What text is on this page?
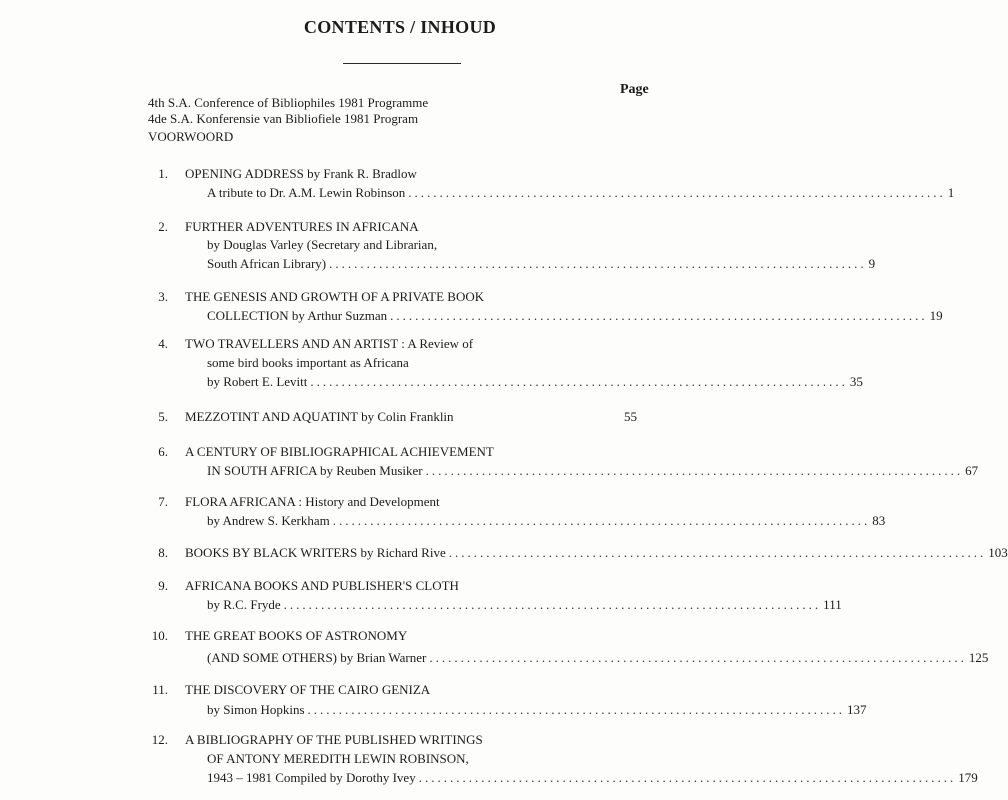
CONTENTS / INHOUD
Page
4th S.A. Conference of Bibliophiles 1981 Programme
4de S.A. Konferensie van Bibliofiele 1981 Program
VOORWOORD
1. OPENING ADDRESS by Frank R. Bradlow
A tribute to Dr. A.M. Lewin Robinson ...................................................................................... 1
2. FURTHER ADVENTURES IN AFRICANA
by Douglas Varley (Secretary and Librarian,
South African Library) ...................................................................................... 9
3. THE GENESIS AND GROWTH OF A PRIVATE BOOK
COLLECTION by Arthur Suzman ...................................................................................... 19
4. TWO TRAVELLERS AND AN ARTIST : A Review of
some bird books important as Africana
by Robert E. Levitt ...................................................................................... 35
5. MEZZOTINT AND AQUATINT by Colin Franklin	55
6. A CENTURY OF BIBLIOGRAPHICAL ACHIEVEMENT
IN SOUTH AFRICA by Reuben Musiker ...................................................................................... 67
7. FLORA AFRICANA : History and Development
by Andrew S. Kerkham ...................................................................................... 83
8. BOOKS BY BLACK WRITERS by Richard Rive ...................................................................................... 103
9. AFRICANA BOOKS AND PUBLISHER'S CLOTH
by R.C. Fryde ...................................................................................... 111
10. THE GREAT BOOKS OF ASTRONOMY
(AND SOME OTHERS) by Brian Warner ...................................................................................... 125
11. THE DISCOVERY OF THE CAIRO GENIZA
by Simon Hopkins ...................................................................................... 137
12. A BIBLIOGRAPHY OF THE PUBLISHED WRITINGS
OF ANTONY MEREDITH LEWIN ROBINSON,
1943 – 1981 Compiled by Dorothy Ivey ...................................................................................... 179
